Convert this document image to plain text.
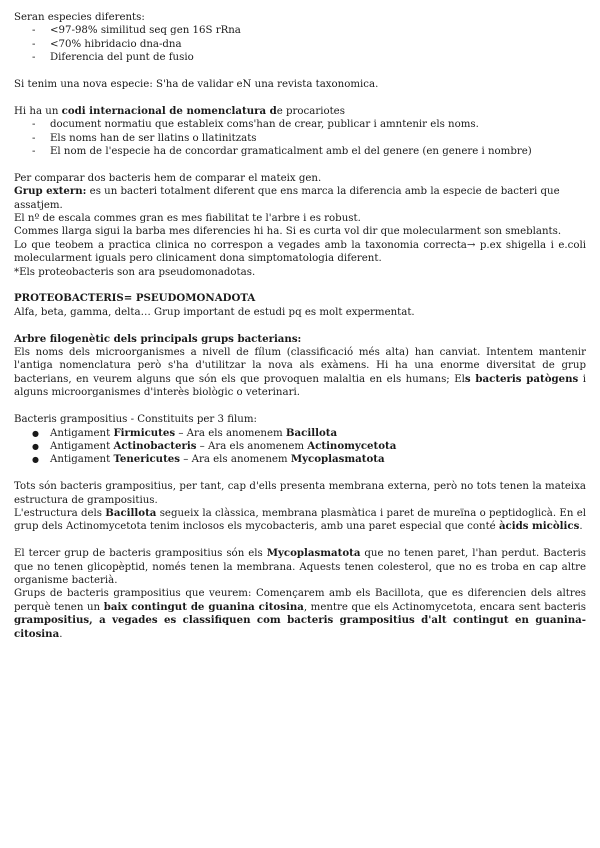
Seran especies diferents:

- <97-98% similitud seq gen 16S rRna
- <70% hibridacio dna-dna
- Diferencia del punt de fusio

Si tenim una nova especie: S'ha de validar eN una revista taxonomica.

Hi ha un codi internacional de nomenclatura de procariotes

- document normatiu que estableix coms'han de crear, publicar i amntenir els noms.
- Els noms han de ser llatins o llatinitzats
- El nom de l'especie ha de concordar gramaticalment amb el del genere (en genere i nombre)

Per comparar dos bacteris hem de comparar el mateix gen.

Grup extern: es un bacteri totalment diferent que ens marca la diferencia amb la especie de bacteri que assatjem.

El nº de escala commes gran es mes fiabilitat te l'arbre i es robust.

Commes llarga sigui la barba mes diferencies hi ha. Si es curta vol dir que molecularment son smeblants.

Lo que teobem a practica clinica no correspon a vegades amb la taxonomia correcta→ p.ex shigella i e.coli molecularment iguals pero clinicament dona simptomatologia diferent.

*Els proteobacteris son ara pseudomonadotas.

PROTEOBACTERIS= PSEUDOMONADOTA

Alfa, beta, gamma, delta… Grup important de estudi pq es molt expermentat.

Arbre filogenètic dels principals grups bacterians:

Els noms dels microorganismes a nivell de fílum (classificació més alta) han canviat. Intentem mantenir l'antiga nomenclatura però s'ha d'utilitzar la nova als exàmens. Hi ha una enorme diversitat de grup bacterians, en veurem alguns que són els que provoquen malaltia en els humans; Els bacteris patògens i alguns microorganismes d'interès biològic o veterinari.

Bacteris grampositius - Constituits per 3 filum:

● Antigament Firmicutes – Ara els anomenem Bacillota
● Antigament Actinobacteris – Ara els anomenem Actinomycetota
● Antigament Tenericutes – Ara els anomenem Mycoplasmatota

Tots són bacteris grampositius, per tant, cap d'ells presenta membrana externa, però no tots tenen la mateixa estructura de grampositius.

L'estructura dels Bacillota segueix la clàssica, membrana plasmàtica i paret de mureïna o peptidoglicà. En el grup dels Actinomycetota tenim inclosos els mycobacteris, amb una paret especial que conté àcids micòlics.

El tercer grup de bacteris grampositius són els Mycoplasmatota que no tenen paret, l'han perdut. Bacteris que no tenen glicopèptid, només tenen la membrana. Aquests tenen colesterol, que no es troba en cap altre organisme bacterià.

Grups de bacteris grampositius que veurem: Començarem amb els Bacillota, que es diferencien dels altres perquè tenen un baix contingut de guanina citosina, mentre que els Actinomycetota, encara sent bacteris grampositius, a vegades es classifiquen com bacteris grampositius d'alt contingut en guanina-citosina.
